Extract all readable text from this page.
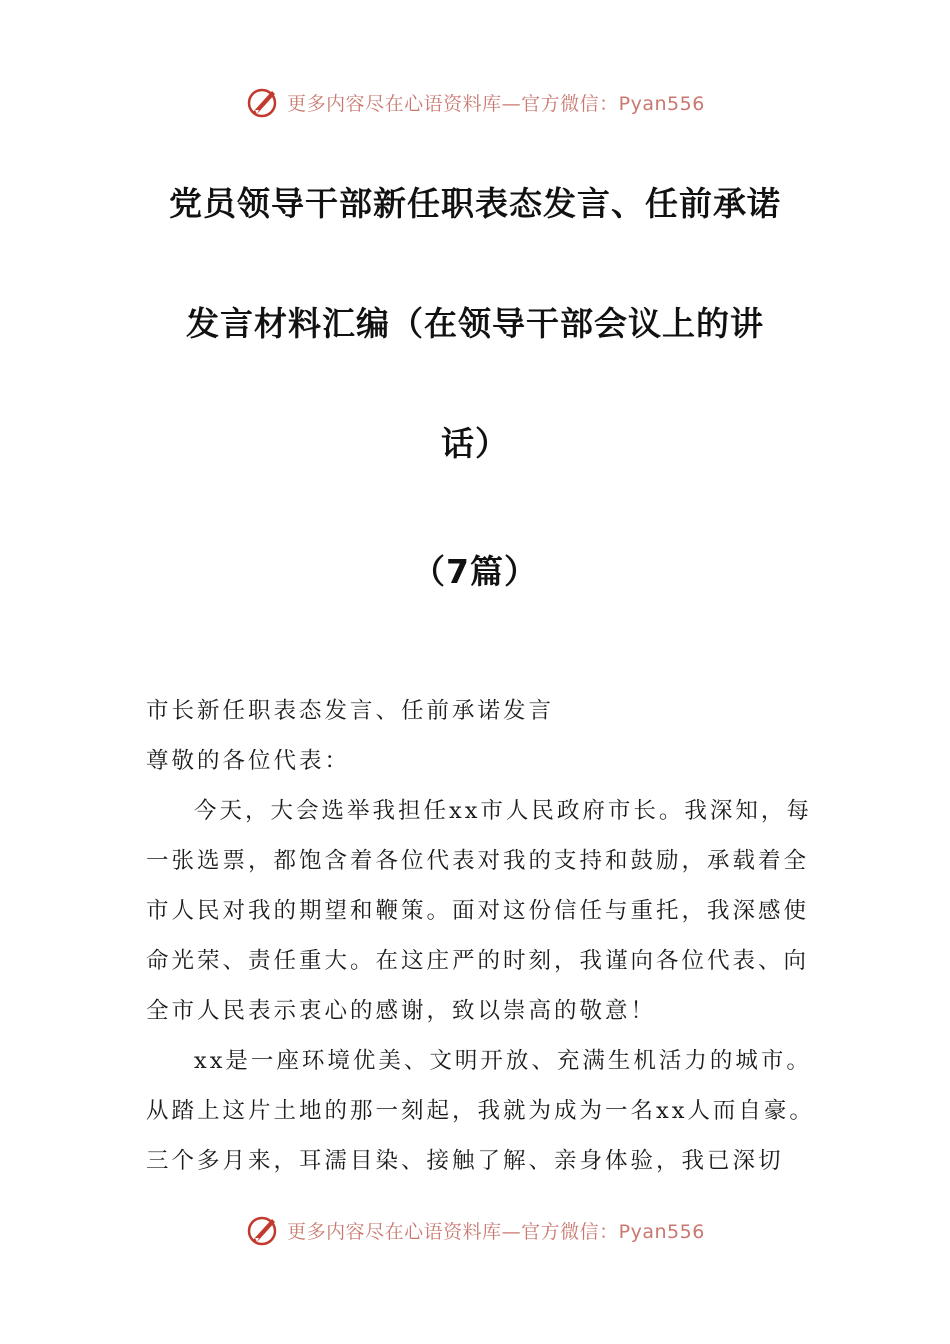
更多内容尽在心语资料库—官方微信：Pyan556
党员领导干部新任职表态发言、任前承诺
发言材料汇编（在领导干部会议上的讲
话）
（7篇）
市长新任职表态发言、任前承诺发言
尊敬的各位代表：

今天，大会选举我担任xx市人民政府市长。我深知，每一张选票，都饱含着各位代表对我的支持和鼓励，承载着全市人民对我的期望和鞭策。面对这份信任与重托，我深感使命光荣、责任重大。在这庄严的时刻，我谨向各位代表、向全市人民表示衷心的感谢，致以崇高的敬意！

xx是一座环境优美、文明开放、充满生机活力的城市。从踏上这片土地的那一刻起，我就为成为一名xx人而自豪。三个多月来，耳濡目染、接触了解、亲身体验，我已深切

更多内容尽在心语资料库—官方微信：Pyan556
